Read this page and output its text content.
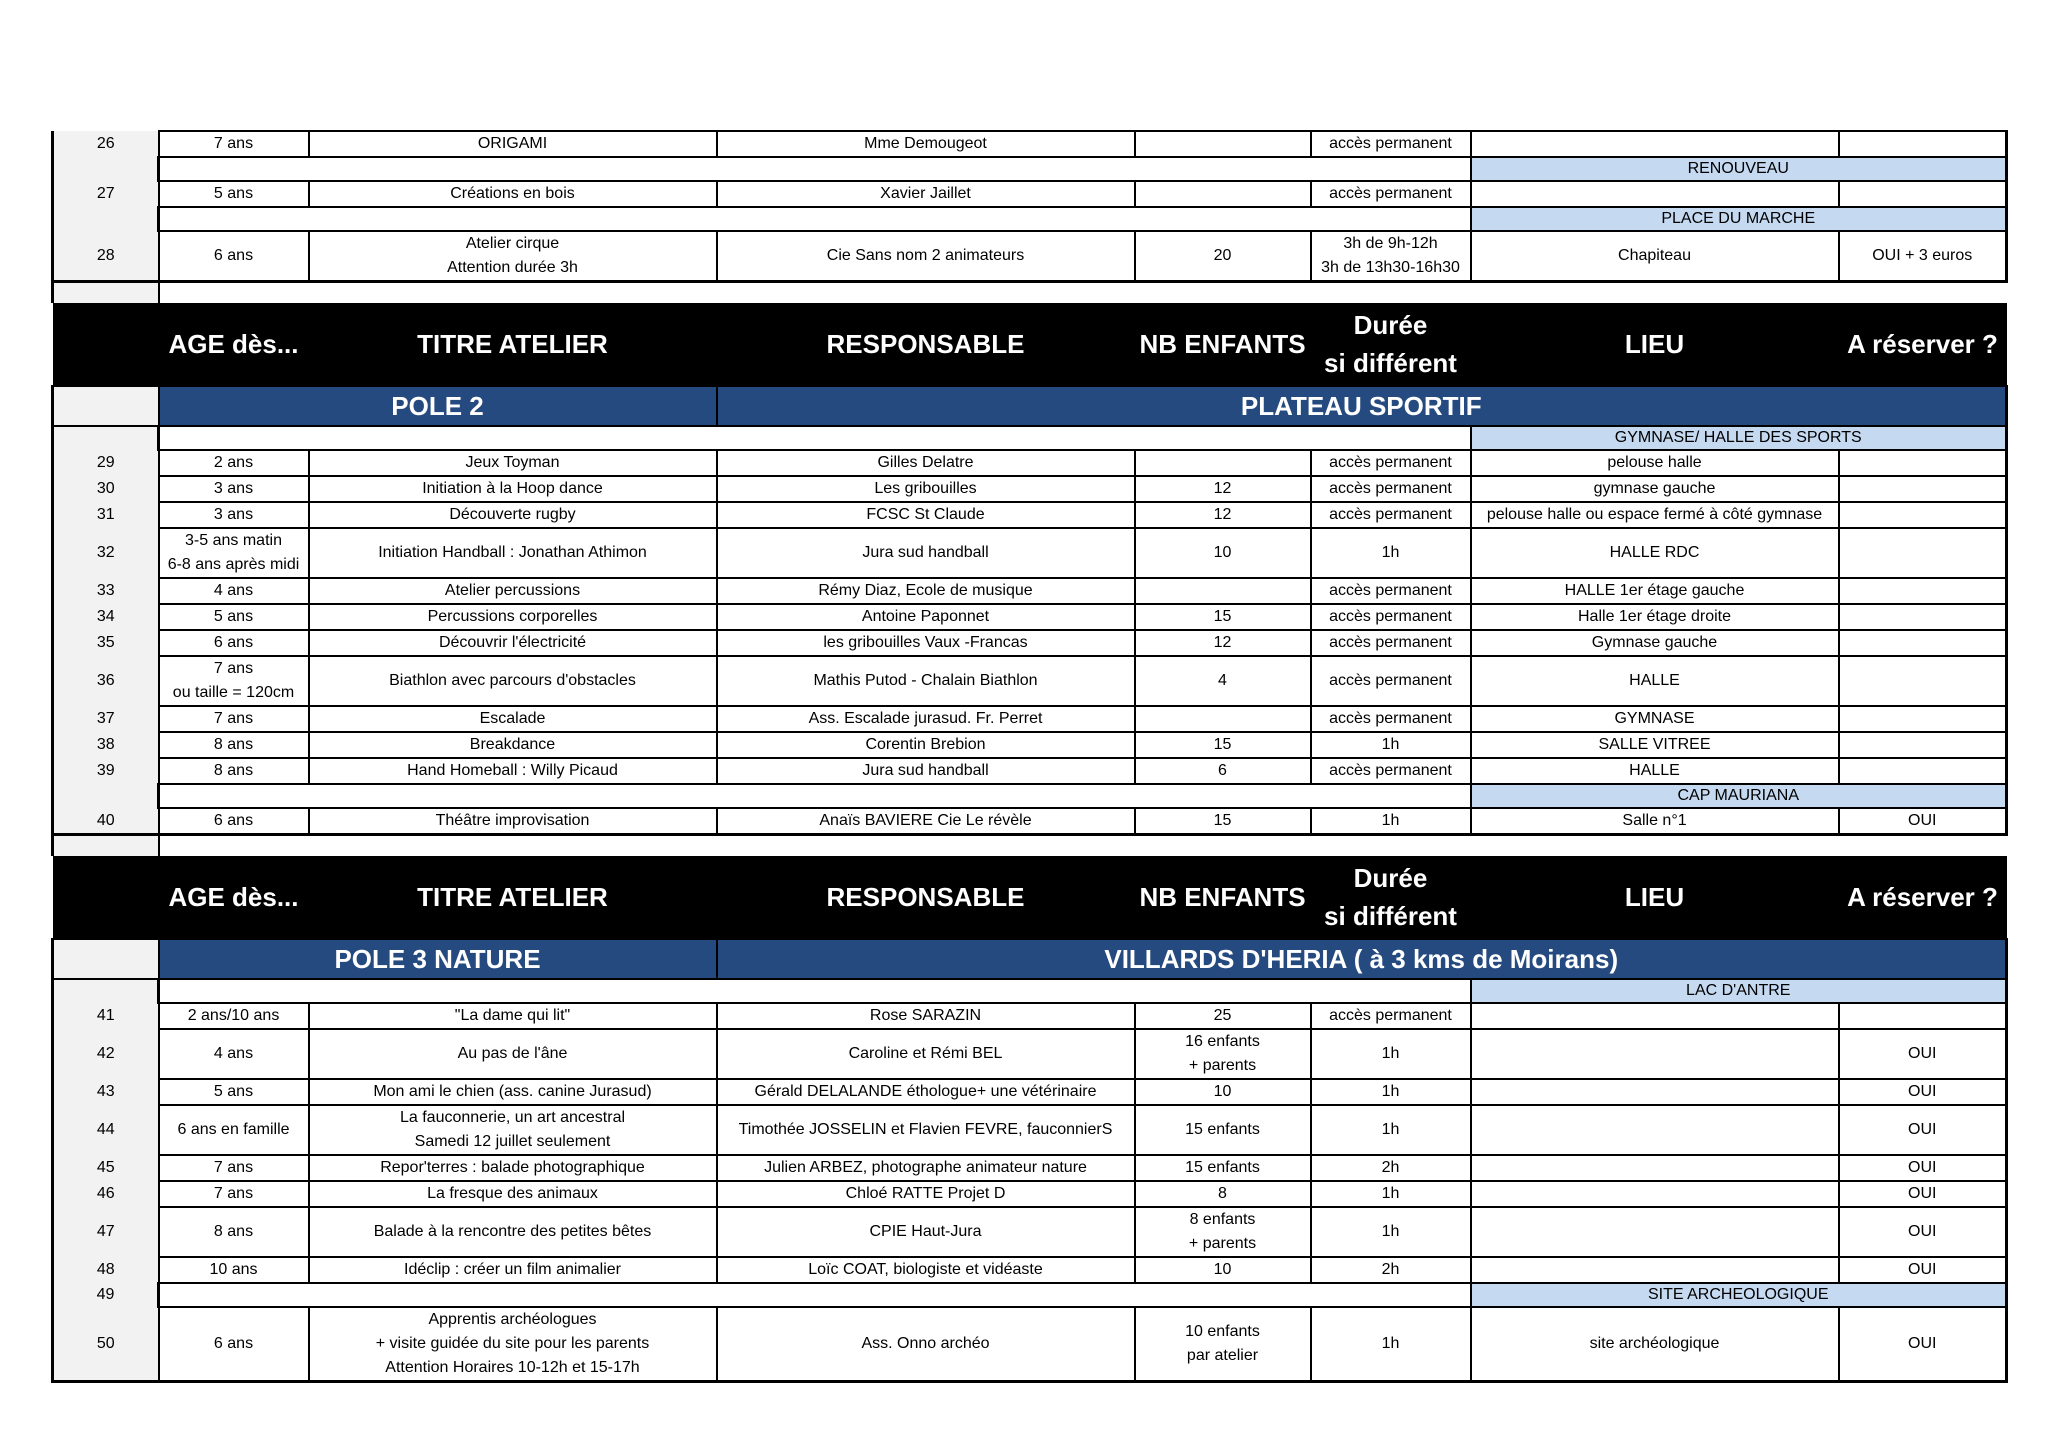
26	7 ans	ORIGAMI	Mme Demougeot		accès permanent		
						RENOUVEAU	
27	5 ans	Créations en bois	Xavier Jaillet		accès permanent		
						PLACE DU MARCHE	
28	6 ans	Atelier cirque
Attention durée 3h	Cie Sans nom 2 animateurs	20	3h de 9h-12h
3h de 13h30-16h30	Chapiteau	OUI + 3 euros

	AGE dès...	TITRE ATELIER	RESPONSABLE	NB ENFANTS	Durée
si différent	LIEU	A réserver ?
	POLE 2		PLATEAU SPORTIF				
						GYMNASE/ HALLE DES SPORTS	
29	2 ans	Jeux Toyman	Gilles Delatre		accès permanent	pelouse halle	
30	3 ans	Initiation à la Hoop dance	Les gribouilles	12	accès permanent	gymnase gauche	
31	3 ans	Découverte rugby	FCSC St Claude	12	accès permanent	pelouse halle ou espace fermé à côté gymnase	
32	3-5 ans matin
6-8 ans après midi	Initiation Handball : Jonathan Athimon	Jura sud handball	10	1h	HALLE RDC	
33	4 ans	Atelier percussions	Rémy Diaz, Ecole de musique		accès permanent	HALLE 1er étage gauche	
34	5 ans	Percussions corporelles	Antoine Paponnet	15	accès permanent	Halle 1er étage droite	
35	6 ans	Découvrir l'électricité	les gribouilles Vaux -Francas	12	accès permanent	Gymnase gauche	
36	7 ans
ou taille = 120cm	Biathlon avec parcours d'obstacles	Mathis Putod - Chalain Biathlon	4	accès permanent	HALLE	
37	7 ans	Escalade	Ass. Escalade jurasud. Fr. Perret		accès permanent	GYMNASE	
38	8 ans	Breakdance	Corentin Brebion	15	1h	SALLE VITREE	
39	8 ans	Hand Homeball : Willy Picaud	Jura sud handball	6	accès permanent	HALLE	
						CAP MAURIANA	
40	6 ans	Théâtre improvisation	Anaïs BAVIERE Cie Le révèle	15	1h	Salle n°1	OUI

	AGE dès...	TITRE ATELIER	RESPONSABLE	NB ENFANTS	Durée
si différent	LIEU	A réserver ?
	POLE 3 NATURE		VILLARDS D'HERIA ( à 3 kms de Moirans)				
						LAC D'ANTRE	
41	2 ans/10 ans	"La dame qui lit"	Rose SARAZIN	25	accès permanent		
42	4 ans	Au pas de l'âne	Caroline et Rémi BEL	16 enfants
+ parents	1h		OUI
43	5 ans	Mon ami le chien (ass. canine Jurasud)	Gérald DELALANDE éthologue+ une vétérinaire	10	1h		OUI
44	6 ans en famille	La fauconnerie, un art ancestral
Samedi 12 juillet seulement	Timothée JOSSELIN et Flavien FEVRE, fauconnierS	15 enfants	1h		OUI
45	7 ans	Repor'terres : balade photographique	Julien ARBEZ, photographe animateur nature	15 enfants	2h		OUI
46	7 ans	La fresque des animaux	Chloé RATTE Projet D	8	1h		OUI
47	8 ans	Balade à la rencontre des petites bêtes	CPIE Haut-Jura	8 enfants
+ parents	1h		OUI
48	10 ans	Idéclip : créer un film animalier	Loïc COAT, biologiste et vidéaste	10	2h		OUI
49						SITE ARCHEOLOGIQUE	
50	6 ans	Apprentis archéologues
+ visite guidée du site pour les parents
Attention Horaires 10-12h et 15-17h	Ass. Onno archéo	10 enfants
par atelier	1h	site archéologique	OUI
